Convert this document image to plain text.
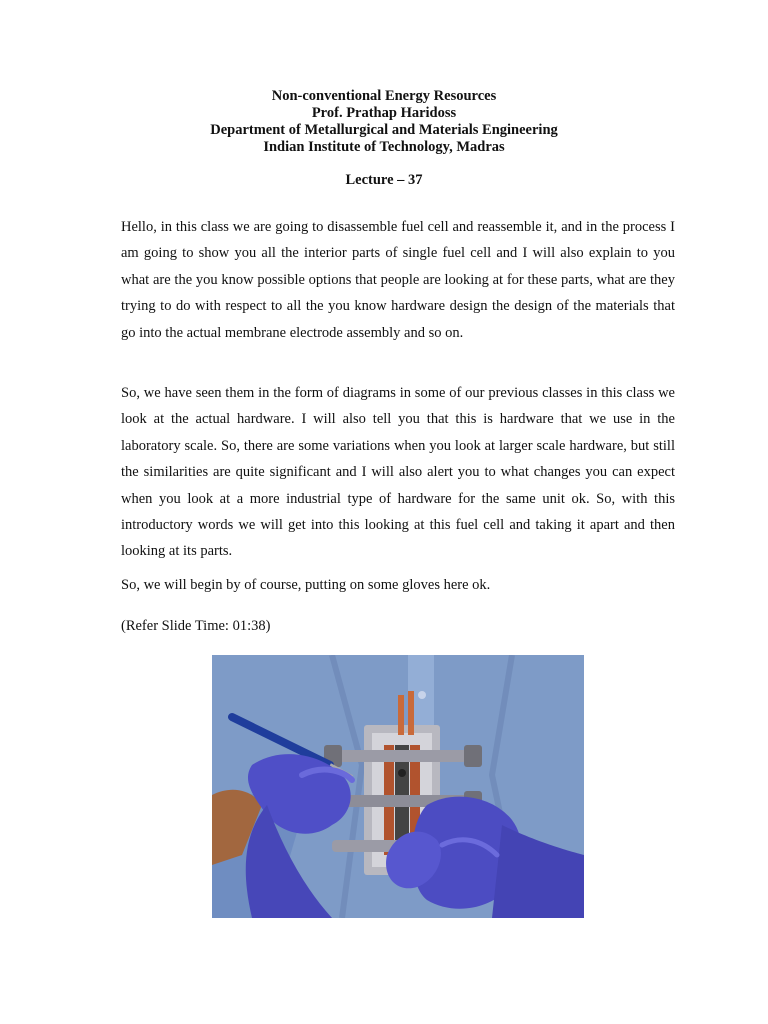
Non-conventional Energy Resources
Prof. Prathap Haridoss
Department of Metallurgical and Materials Engineering
Indian Institute of Technology, Madras
Lecture – 37
Hello, in this class we are going to disassemble fuel cell and reassemble it, and in the process I am going to show you all the interior parts of single fuel cell and I will also explain to you what are the you know possible options that people are looking at for these parts, what are they trying to do with respect to all the you know hardware design the design of the materials that go into the actual membrane electrode assembly and so on.
So, we have seen them in the form of diagrams in some of our previous classes in this class we look at the actual hardware. I will also tell you that this is hardware that we use in the laboratory scale. So, there are some variations when you look at larger scale hardware, but still the similarities are quite significant and I will also alert you to what changes you can expect when you look at a more industrial type of hardware for the same unit ok. So, with this introductory words we will get into this looking at this fuel cell and taking it apart and then looking at its parts.
So, we will begin by of course, putting on some gloves here ok.
(Refer Slide Time: 01:38)
